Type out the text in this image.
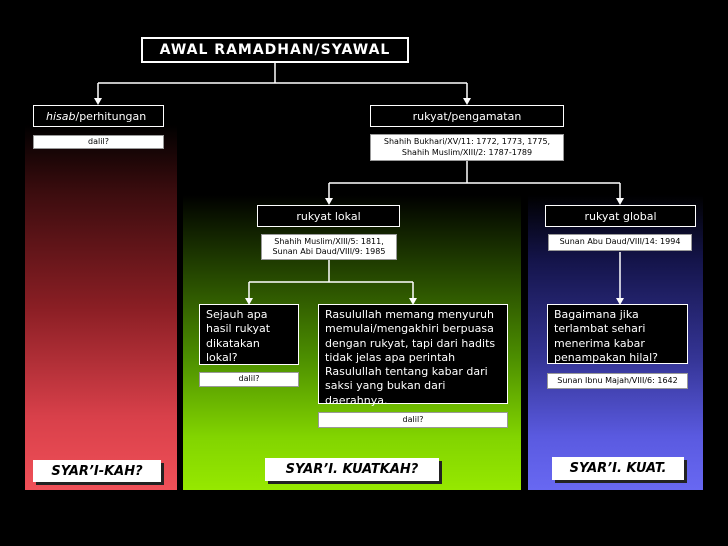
AWAL RAMADHAN/SYAWAL
hisab /perhitungan
dalil?
rukyat/pengamatan
Shahih Bukhari/XV/11: 1772, 1773, 1775,
Shahih Muslim/XIII/2: 1787-1789
rukyat lokal
Shahih Muslim/XIII/5: 1811,
Sunan Abi Daud/VIII/9: 1985
rukyat global
Sunan Abu Daud/VIII/14: 1994
Sejauh apa hasil rukyat dikatakan lokal?
dalil?
Rasulullah memang menyuruh memulai/mengakhiri berpuasa dengan rukyat, tapi dari hadits tidak jelas apa perintah Rasulullah tentang kabar dari saksi yang bukan dari daerahnya.
dalil?
Bagaimana jika terlambat sehari menerima kabar penampakan hilal?
Sunan Ibnu Majah/VIII/6: 1642
SYAR’I-KAH?	SYAR’I. KUATKAH?	SYAR’I. KUAT.
